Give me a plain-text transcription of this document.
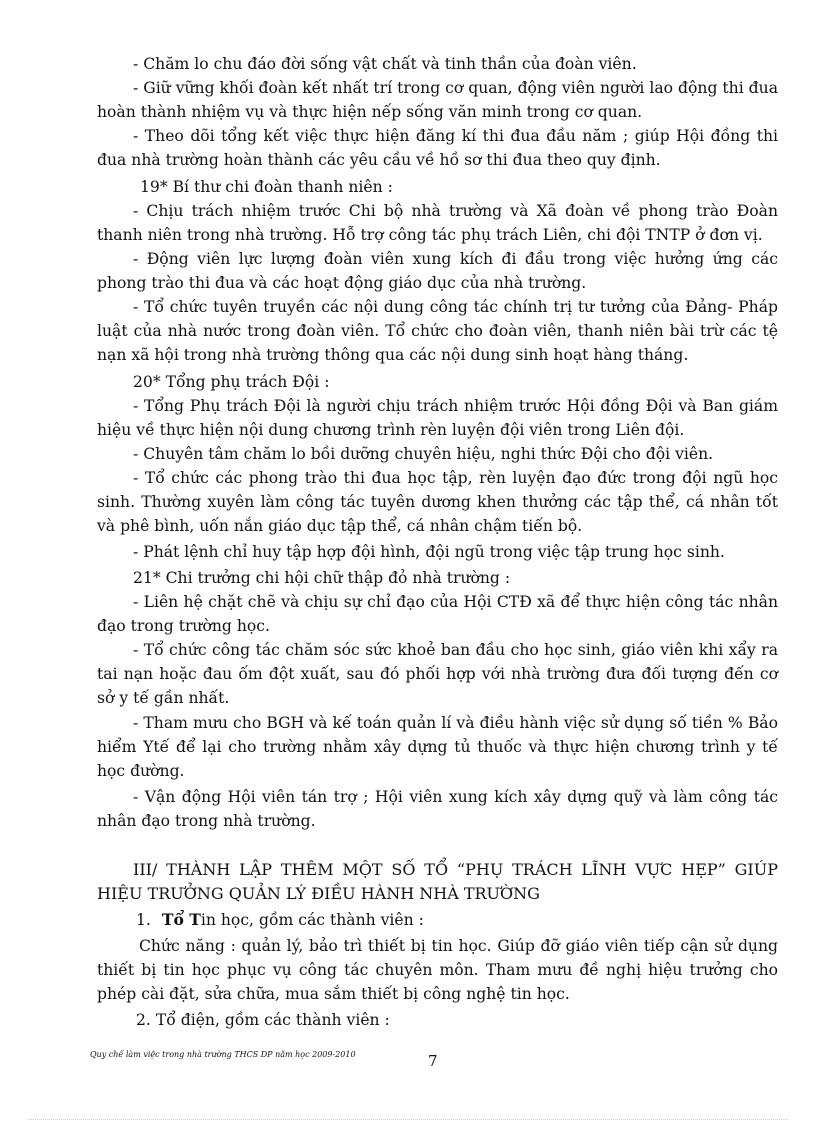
- Chăm lo chu đáo đời sống vật chất và tinh thần của đoàn viên.
- Giữ vững khối đoàn kết nhất trí trong cơ quan, động viên người lao động thi đua hoàn thành nhiệm vụ và thực hiện nếp sống văn minh trong cơ quan.
- Theo dõi tổng kết việc thực hiện đăng kí thi đua đầu năm ; giúp Hội đồng thi đua nhà trường hoàn thành các yêu cầu về hồ sơ thi đua theo quy định.
19* Bí thư chi đoàn thanh niên :
- Chịu trách nhiệm trước Chi bộ nhà trường và Xã đoàn về phong trào Đoàn thanh niên trong nhà trường. Hỗ trợ công tác phụ trách Liên, chi đội TNTP ở đơn vị.
- Động viên lực lượng đoàn viên xung kích đi đầu trong việc hưởng ứng các phong trào thi đua và các hoạt động giáo dục của nhà trường.
- Tổ chức tuyên truyền các nội dung công tác chính trị tư tưởng của Đảng- Pháp luật của nhà nước trong đoàn viên. Tổ chức cho đoàn viên, thanh niên bài trừ các tệ nạn xã hội trong nhà trường thông qua các nội dung sinh hoạt hàng tháng.
20* Tổng phụ trách Đội :
- Tổng Phụ trách Đội là người chịu trách nhiệm trước Hội đồng Đội và Ban giám hiệu về thực hiện nội dung chương trình rèn luyện đội viên trong Liên đội.
- Chuyên tâm chăm lo bồi dưỡng chuyên hiệu, nghi thức Đội cho đội viên.
- Tổ chức các phong trào thi đua học tập, rèn luyện đạo đức trong đội ngũ học sinh. Thường xuyên làm công tác tuyên dương khen thưởng các tập thể, cá nhân tốt và phê bình, uốn nắn giáo dục tập thể, cá nhân chậm tiến bộ.
- Phát lệnh chỉ huy tập hợp đội hình, đội ngũ trong việc tập trung học sinh.
21* Chi trưởng chi hội chữ thập đỏ nhà trường :
- Liên hệ chặt chẽ và chịu sự chỉ đạo của Hội CTĐ xã để thực hiện công tác nhân đạo trong trường học.
- Tổ chức công tác chăm sóc sức khoẻ ban đầu cho học sinh, giáo viên khi xẩy ra tai nạn hoặc đau ốm đột xuất, sau đó phối hợp với nhà trường đưa đối tượng đến cơ sở y tế gần nhất.
- Tham mưu cho BGH và kế toán quản lí và điều hành việc sử dụng số tiền % Bảo hiểm Ytế để lại cho trường nhằm xây dựng tủ thuốc và thực hiện chương trình y tế học đường.
- Vận động Hội viên tán trợ ; Hội viên xung kích xây dựng quỹ và làm công tác nhân đạo trong nhà trường.
III/ THÀNH LẬP THÊM MỘT SỐ TỔ “PHỤ TRÁCH LĨNH VỰC HẸP” GIÚP HIỆU TRƯỞNG QUẢN LÝ ĐIỀU HÀNH NHÀ TRƯỜNG
1. Tổ Tin học, gồm các thành viên :
Chức năng : quản lý, bảo trì thiết bị tin học. Giúp đỡ giáo viên tiếp cận sử dụng thiết bị tin học phục vụ công tác chuyên môn. Tham mưu đề nghị hiệu trưởng cho phép cài đặt, sửa chữa, mua sắm thiết bị công nghệ tin học.
2. Tổ điện, gồm các thành viên :
Quy chế làm việc trong nhà trường THCS DP năm học 2009-2010	7
